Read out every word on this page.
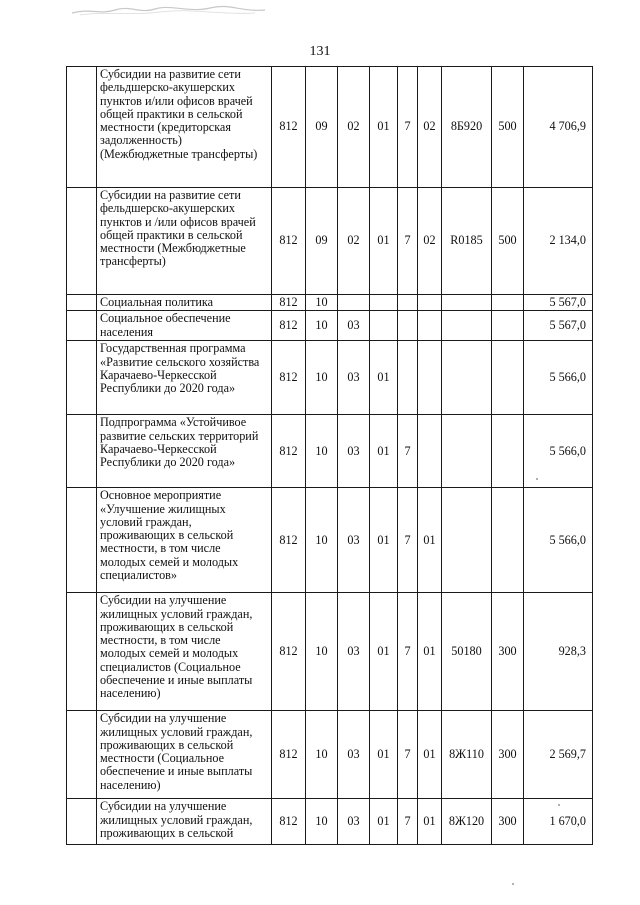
131
	Субсидии на развитие сети фельдшерско-акушерских пунктов и/или офисов врачей общей практики в сельской местности (кредиторская задолженность) (Межбюджетные трансферты)	812	09	02	01	7	02	8Б920	500	4 706,9
	Субсидии на развитие сети фельдшерско-акушерских пунктов и /или офисов врачей общей практики в сельской местности (Межбюджетные трансферты)	812	09	02	01	7	02	R0185	500	2 134,0
	Социальная политика	812	10							5 567,0
	Социальное обеспечение населения	812	10	03						5 567,0
	Государственная программа «Развитие сельского хозяйства Карачаево-Черкесской Республики до 2020 года»	812	10	03	01					5 566,0
	Подпрограмма «Устойчивое развитие сельских территорий Карачаево-Черкесской Республики до 2020 года»	812	10	03	01	7				5 566,0
	Основное мероприятие «Улучшение жилищных условий граждан, проживающих в сельской местности, в том числе молодых семей и молодых специалистов»	812	10	03	01	7	01			5 566,0
	Субсидии на улучшение жилищных условий граждан, проживающих в сельской местности, в том числе молодых семей и молодых специалистов (Социальное обеспечение и иные выплаты населению)	812	10	03	01	7	01	50180	300	928,3
	Субсидии на улучшение жилищных условий граждан, проживающих в сельской местности (Социальное обеспечение и иные выплаты населению)	812	10	03	01	7	01	8Ж110	300	2 569,7
	Субсидии на улучшение жилищных условий граждан, проживающих в сельской	812	10	03	01	7	01	8Ж120	300	1 670,0
